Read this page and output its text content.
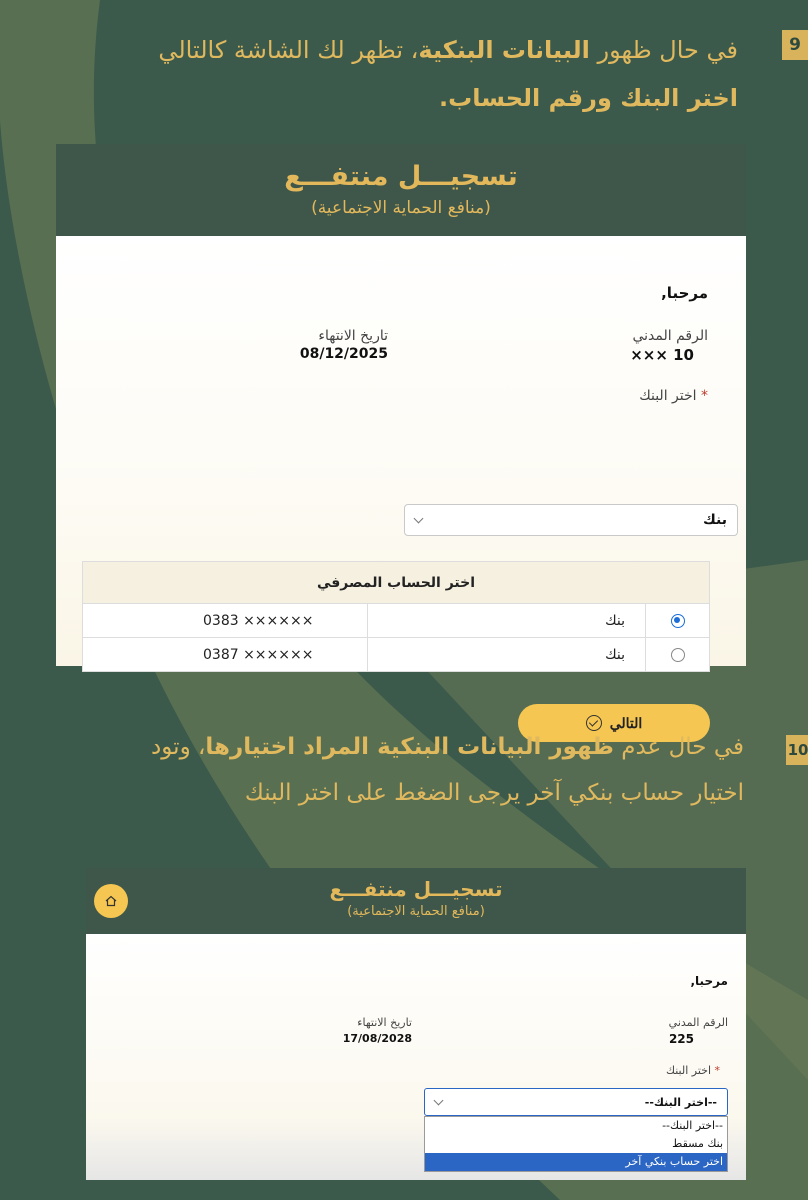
9
في حال ظهور البيانات البنكية، تظهر لك الشاشة كالتالي
اختر البنك ورقم الحساب.
تسجيـــل منتفـــع
(منافع الحماية الاجتماعية)
مرحبا,
الرقم المدني
10 ×××
تاريخ الانتهاء
08/12/2025
* اختر البنك
بنك
اختر الحساب المصرفي		
	بنك	0383 ××××××
	بنك	0387 ××××××
التالي
10
في حال عدم ظهور البيانات البنكية المراد اختيارها، وتود
اختيار حساب بنكي آخر يرجى الضغط على اختر البنك
تسجيـــل منتفـــع
(منافع الحماية الاجتماعية)
مرحبا,
الرقم المدني
225
تاريخ الانتهاء
17/08/2028
* اختر البنك
--اختر البنك--
--اختر البنك--
بنك مسقط
اختر حساب بنكي آخر
